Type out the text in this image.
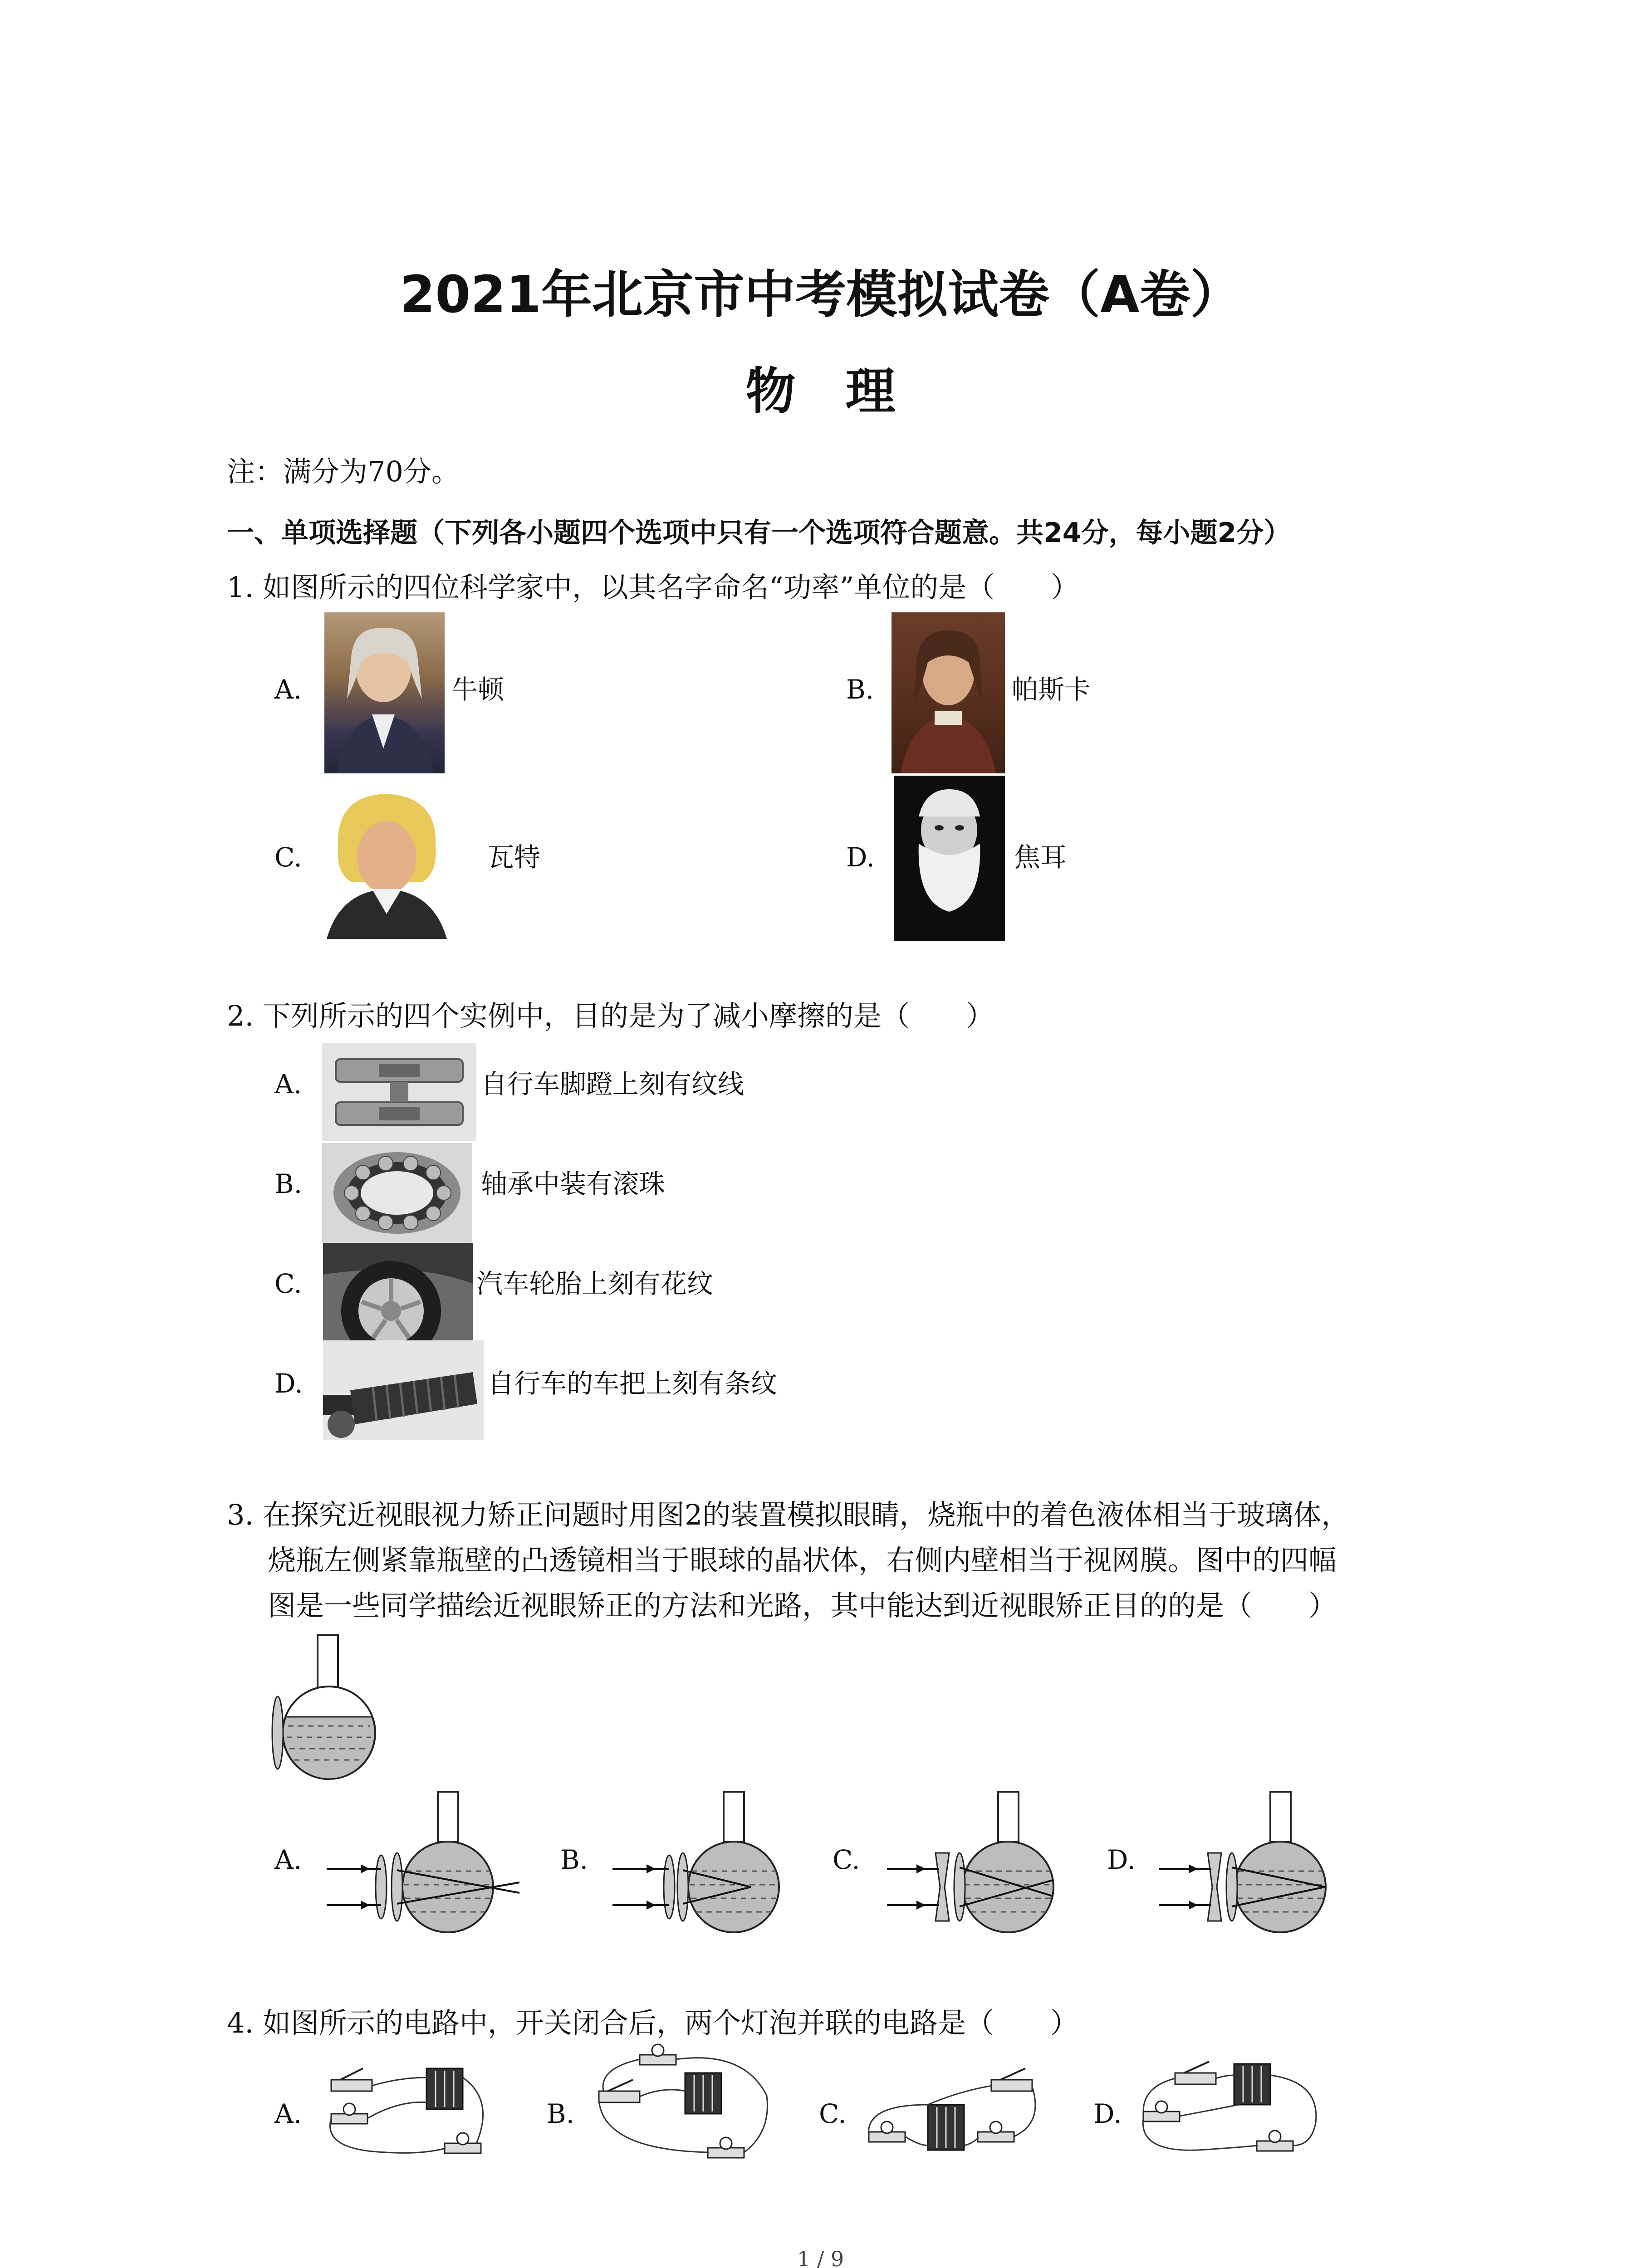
2021年北京市中考模拟试卷（A卷）
物理
注：满分为70分。
一、单项选择题（下列各小题四个选项中只有一个选项符合题意。共24分，每小题2分）
1. 如图所示的四位科学家中，以其名字命名“功率”单位的是（　　）
A.	牛顿	B.	帕斯卡
C.	瓦特	D.	焦耳
2. 下列所示的四个实例中，目的是为了减小摩擦的是（　　）
A.	自行车脚蹬上刻有纹线
B.	轴承中装有滚珠
C.	汽车轮胎上刻有花纹
D.	自行车的车把上刻有条纹
3. 在探究近视眼视力矫正问题时用图2的装置模拟眼睛，烧瓶中的着色液体相当于玻璃体，
烧瓶左侧紧靠瓶壁的凸透镜相当于眼球的晶状体，右侧内壁相当于视网膜。图中的四幅
图是一些同学描绘近视眼矫正的方法和光路，其中能达到近视眼矫正目的的是（　　）
A.	B.	C.	D.
4. 如图所示的电路中，开关闭合后，两个灯泡并联的电路是（　　）
A.	B.	C.	D.
1 / 9
